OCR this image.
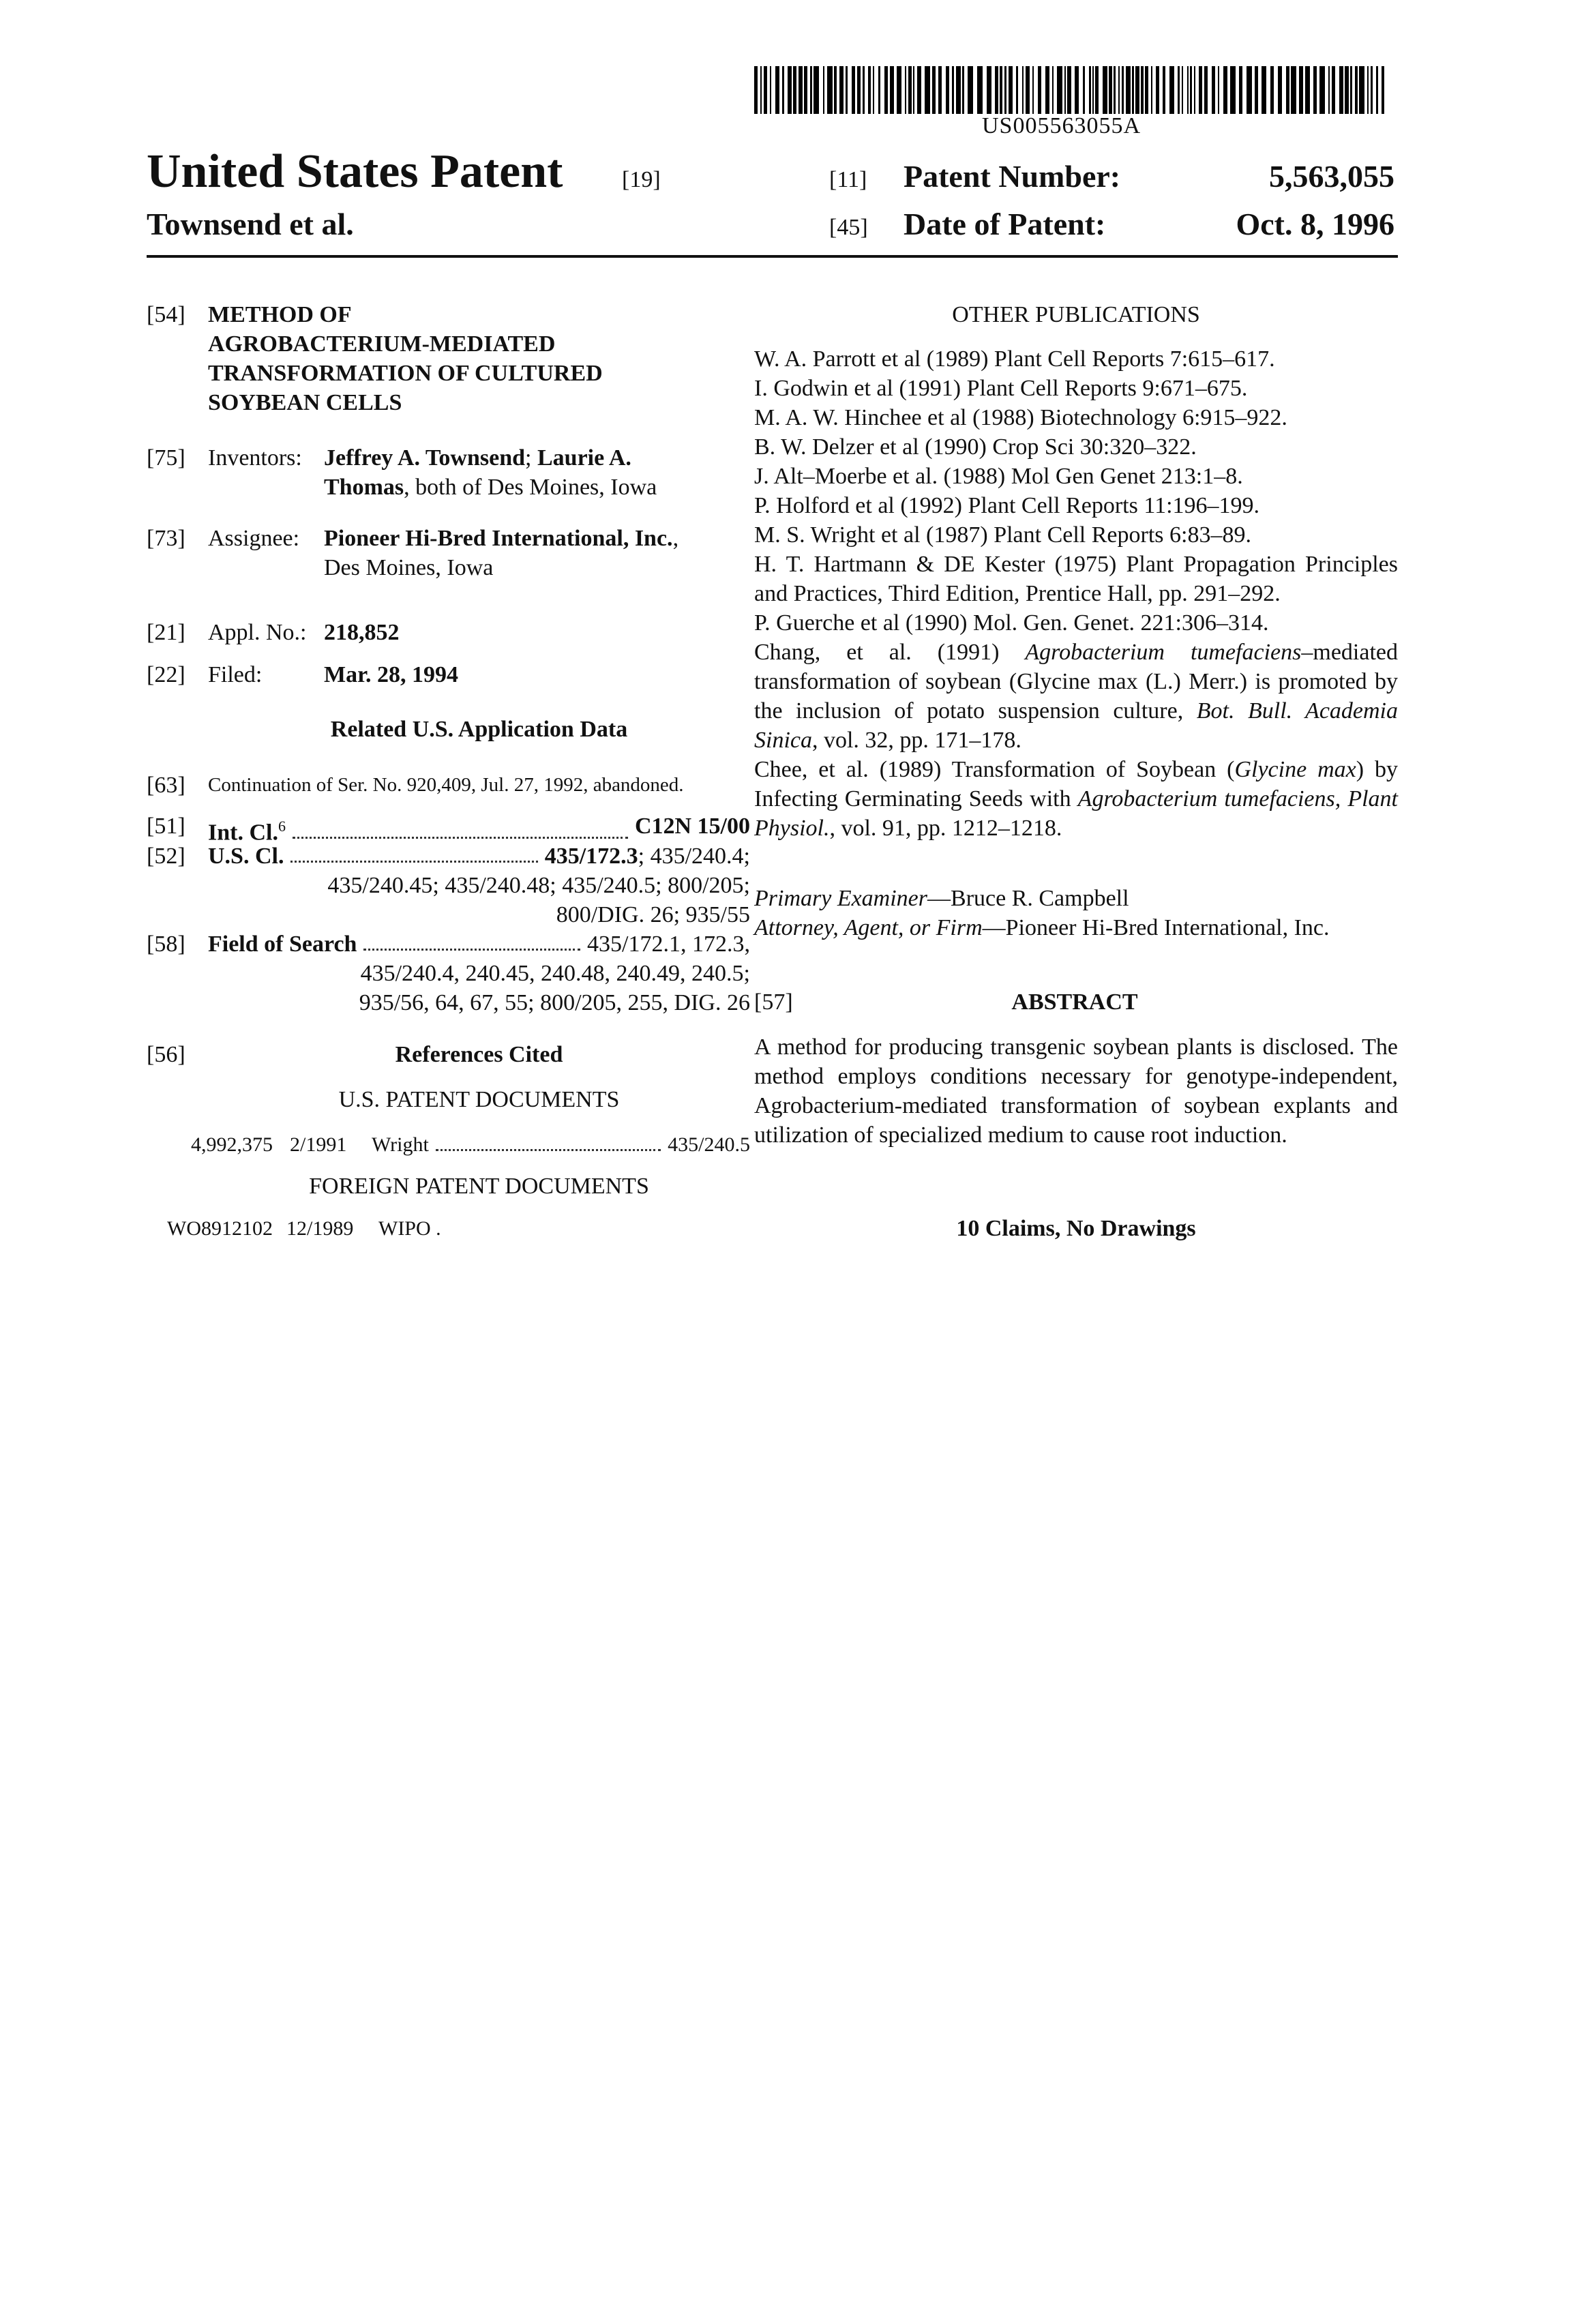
US005563055A
United States Patent	[19]
Townsend et al.
[11] Patent Number:	5,563,055
[45] Date of Patent:	Oct. 8, 1996
[54] METHOD OF
AGROBACTERIUM-MEDIATED
TRANSFORMATION OF CULTURED
SOYBEAN CELLS
[75] Inventors: Jeffrey A. Townsend; Laurie A.
Thomas, both of Des Moines, Iowa
[73] Assignee:	Pioneer Hi-Bred International, Inc.,
Des Moines, Iowa
[21] Appl. No.: 218,852
[22] Filed:	Mar. 28, 1994
Related U.S. Application Data
[63]	Continuation of Ser. No. 920,409, Jul. 27, 1992, abandoned.
[51] Int. Cl.6	C12N 15/00
[52] U.S. Cl.	435/172.3; 435/240.4;
435/240.45; 435/240.48; 435/240.5; 800/205;
800/DIG. 26; 935/55
[58] Field of Search	435/172.1, 172.3,
435/240.4, 240.45, 240.48, 240.49, 240.5;
935/56, 64, 67, 55; 800/205, 255, DIG. 26
[56]	References Cited
U.S. PATENT DOCUMENTS
4,992,375 2/1991	Wright	435/240.5
FOREIGN PATENT DOCUMENTS
WO8912102 12/1989	WIPO .
OTHER PUBLICATIONS
W. A. Parrott et al (1989) Plant Cell Reports 7:615–617.
I. Godwin et al (1991) Plant Cell Reports 9:671–675.
M. A. W. Hinchee et al (1988) Biotechnology 6:915–922.
B. W. Delzer et al (1990) Crop Sci 30:320–322.
J. Alt–Moerbe et al. (1988) Mol Gen Genet 213:1–8.
P. Holford et al (1992) Plant Cell Reports 11:196–199.
M. S. Wright et al (1987) Plant Cell Reports 6:83–89.
H. T. Hartmann & DE Kester (1975) Plant Propagation Principles and Practices, Third Edition, Prentice Hall, pp. 291–292.
P. Guerche et al (1990) Mol. Gen. Genet. 221:306–314.
Chang, et al. (1991) Agrobacterium tumefaciens–mediated transformation of soybean (Glycine max (L.) Merr.) is promoted by the inclusion of potato suspension culture, Bot. Bull. Academia Sinica, vol. 32, pp. 171–178.
Chee, et al. (1989) Transformation of Soybean (Glycine max) by Infecting Germinating Seeds with Agrobacterium tumefaciens, Plant Physiol., vol. 91, pp. 1212–1218.
Primary Examiner—Bruce R. Campbell
Attorney, Agent, or Firm—Pioneer Hi-Bred International, Inc.
[57]	ABSTRACT
A method for producing transgenic soybean plants is disclosed. The method employs conditions necessary for genotype-independent, Agrobacterium-mediated transformation of soybean explants and utilization of specialized medium to cause root induction.
10 Claims, No Drawings
